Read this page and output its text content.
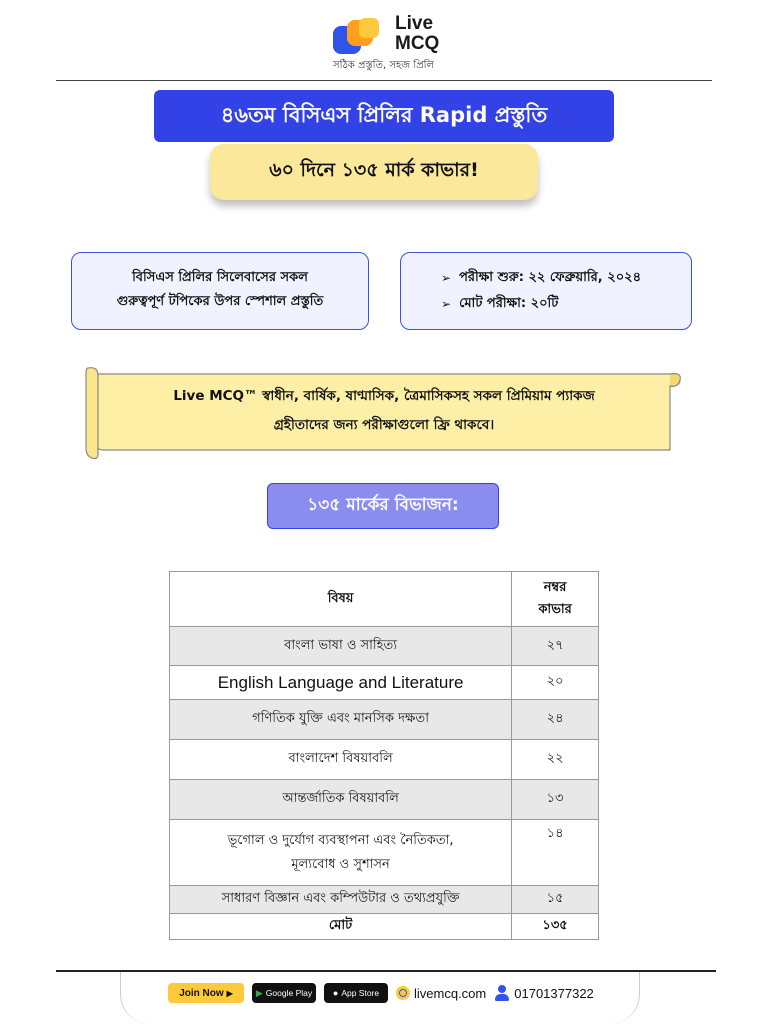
Live
MCQ
সঠিক প্রস্তুতি, সহজ প্রিলি
৪৬তম বিসিএস প্রিলির Rapid প্রস্তুতি
৬০ দিনে ১৩৫ মার্ক কাভার!
বিসিএস প্রিলির সিলেবাসের সকল
গুরুত্বপূর্ণ টপিকের উপর স্পেশাল প্রস্তুতি
➢ পরীক্ষা শুরু: ২২ ফেব্রুয়ারি, ২০২৪
➢ মোট পরীক্ষা: ২০টি
Live MCQ™ স্বাধীন, বার্ষিক, ষাণ্মাসিক, ত্রৈমাসিকসহ সকল প্রিমিয়াম প্যাকজ
গ্রহীতাদের জন্য পরীক্ষাগুলো ফ্রি থাকবে।
১৩৫ মার্কের বিভাজন:
বিষয়	নম্বর
কাভার

বাংলা ভাষা ও সাহিত্য	২৭
English Language and Literature	২০
গণিতিক যুক্তি এবং মানসিক দক্ষতা	২৪
বাংলাদেশ বিষয়াবলি	২২
আন্তর্জাতিক বিষয়াবলি	১৩

ভূগোল ও দুর্যোগ ব্যবস্থাপনা এবং নৈতিকতা,
মূল্যবোধ ও সুশাসন	১৪
সাধারণ বিজ্ঞান এবং কম্পিউটার ও তথ্যপ্রযুক্তি	১৫
মোট	১৩৫
Join Now ▶	▶ Google Play ● App Store	livemcq.com 01701377322
